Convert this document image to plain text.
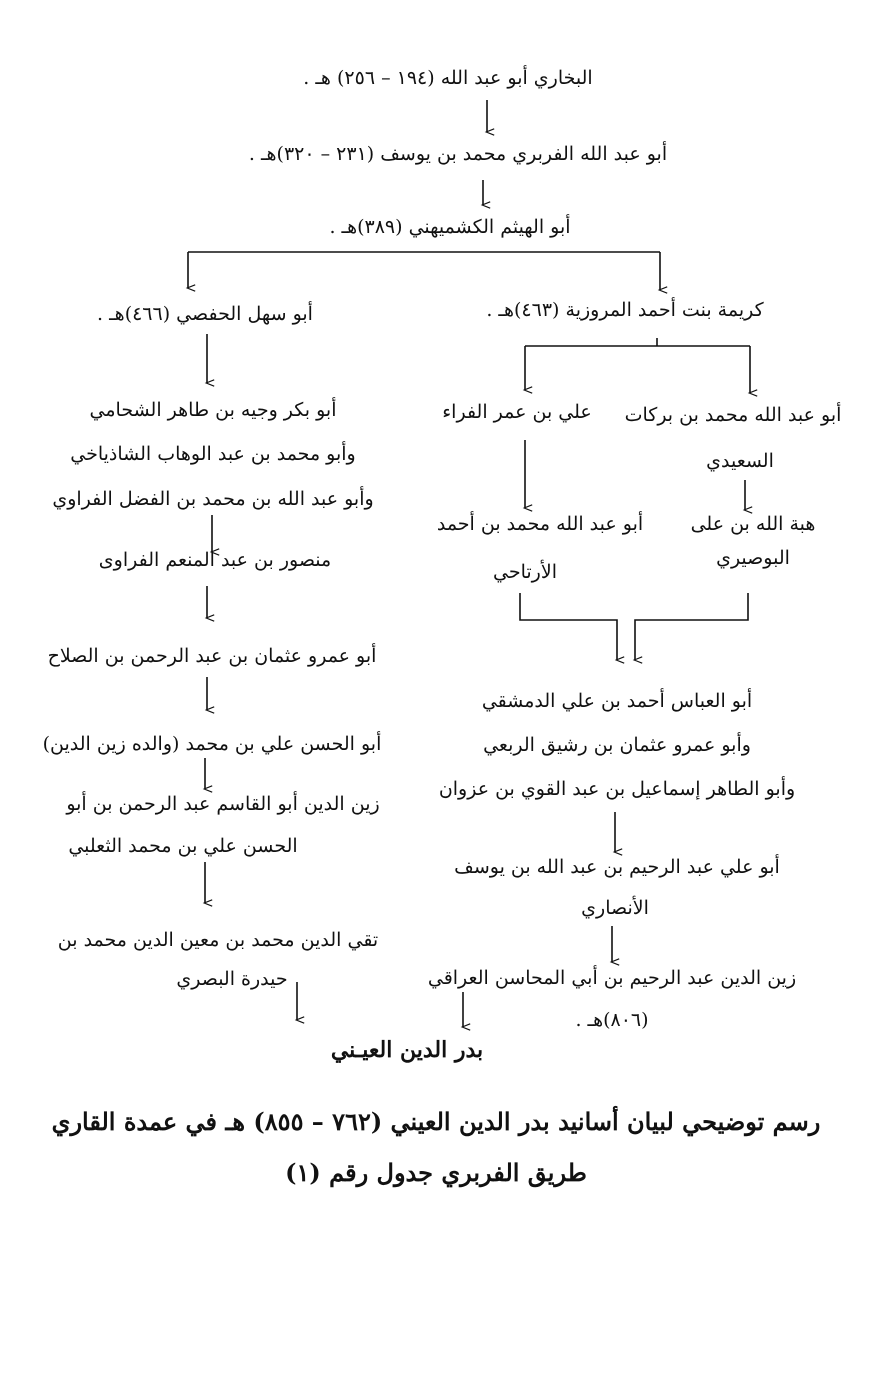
البخاري أبو عبد الله (١٩٤ – ٢٥٦) هـ .
أبو عبد الله الفربري محمد بن يوسف (٢٣١ – ٣٢٠)هـ .
أبو الهيثم الكشميهني (٣٨٩)هـ .
كريمة بنت أحمد المروزية (٤٦٣)هـ .
أبو سهل الحفصي (٤٦٦)هـ .
أبو عبد الله محمد بن بركات
السعيدي
علي بن عمر الفراء
هبة الله بن على
البوصيري
أبو عبد الله محمد بن أحمد
الأرتاحي
أبو العباس أحمد بن علي الدمشقي
وأبو عمرو عثمان بن رشيق الربعي
وأبو الطاهر إسماعيل بن عبد القوي بن عزوان
أبو علي عبد الرحيم بن عبد الله بن يوسف
الأنصاري
زين الدين عبد الرحيم بن أبي المحاسن العراقي
(٨٠٦)هـ .
أبو بكر وجيه بن طاهر الشحامي
وأبو محمد بن عبد الوهاب الشاذياخي
وأبو عبد الله بن محمد بن الفضل الفراوي
منصور بن عبد المنعم الفراوى
أبو عمرو عثمان بن عبد الرحمن بن الصلاح
أبو الحسن علي بن محمد (والده زين الدين)
زين الدين أبو القاسم عبد الرحمن بن أبو
الحسن علي بن محمد الثعلبي
تقي الدين محمد بن معين الدين محمد بن
حيدرة البصري
بدر الدين العيـني
رسم توضيحي لبيان أسانيد بدر الدين العيني (٧٦٢ – ٨٥٥) هـ في عمدة القاري
طريق الفربري جدول رقم (١)
